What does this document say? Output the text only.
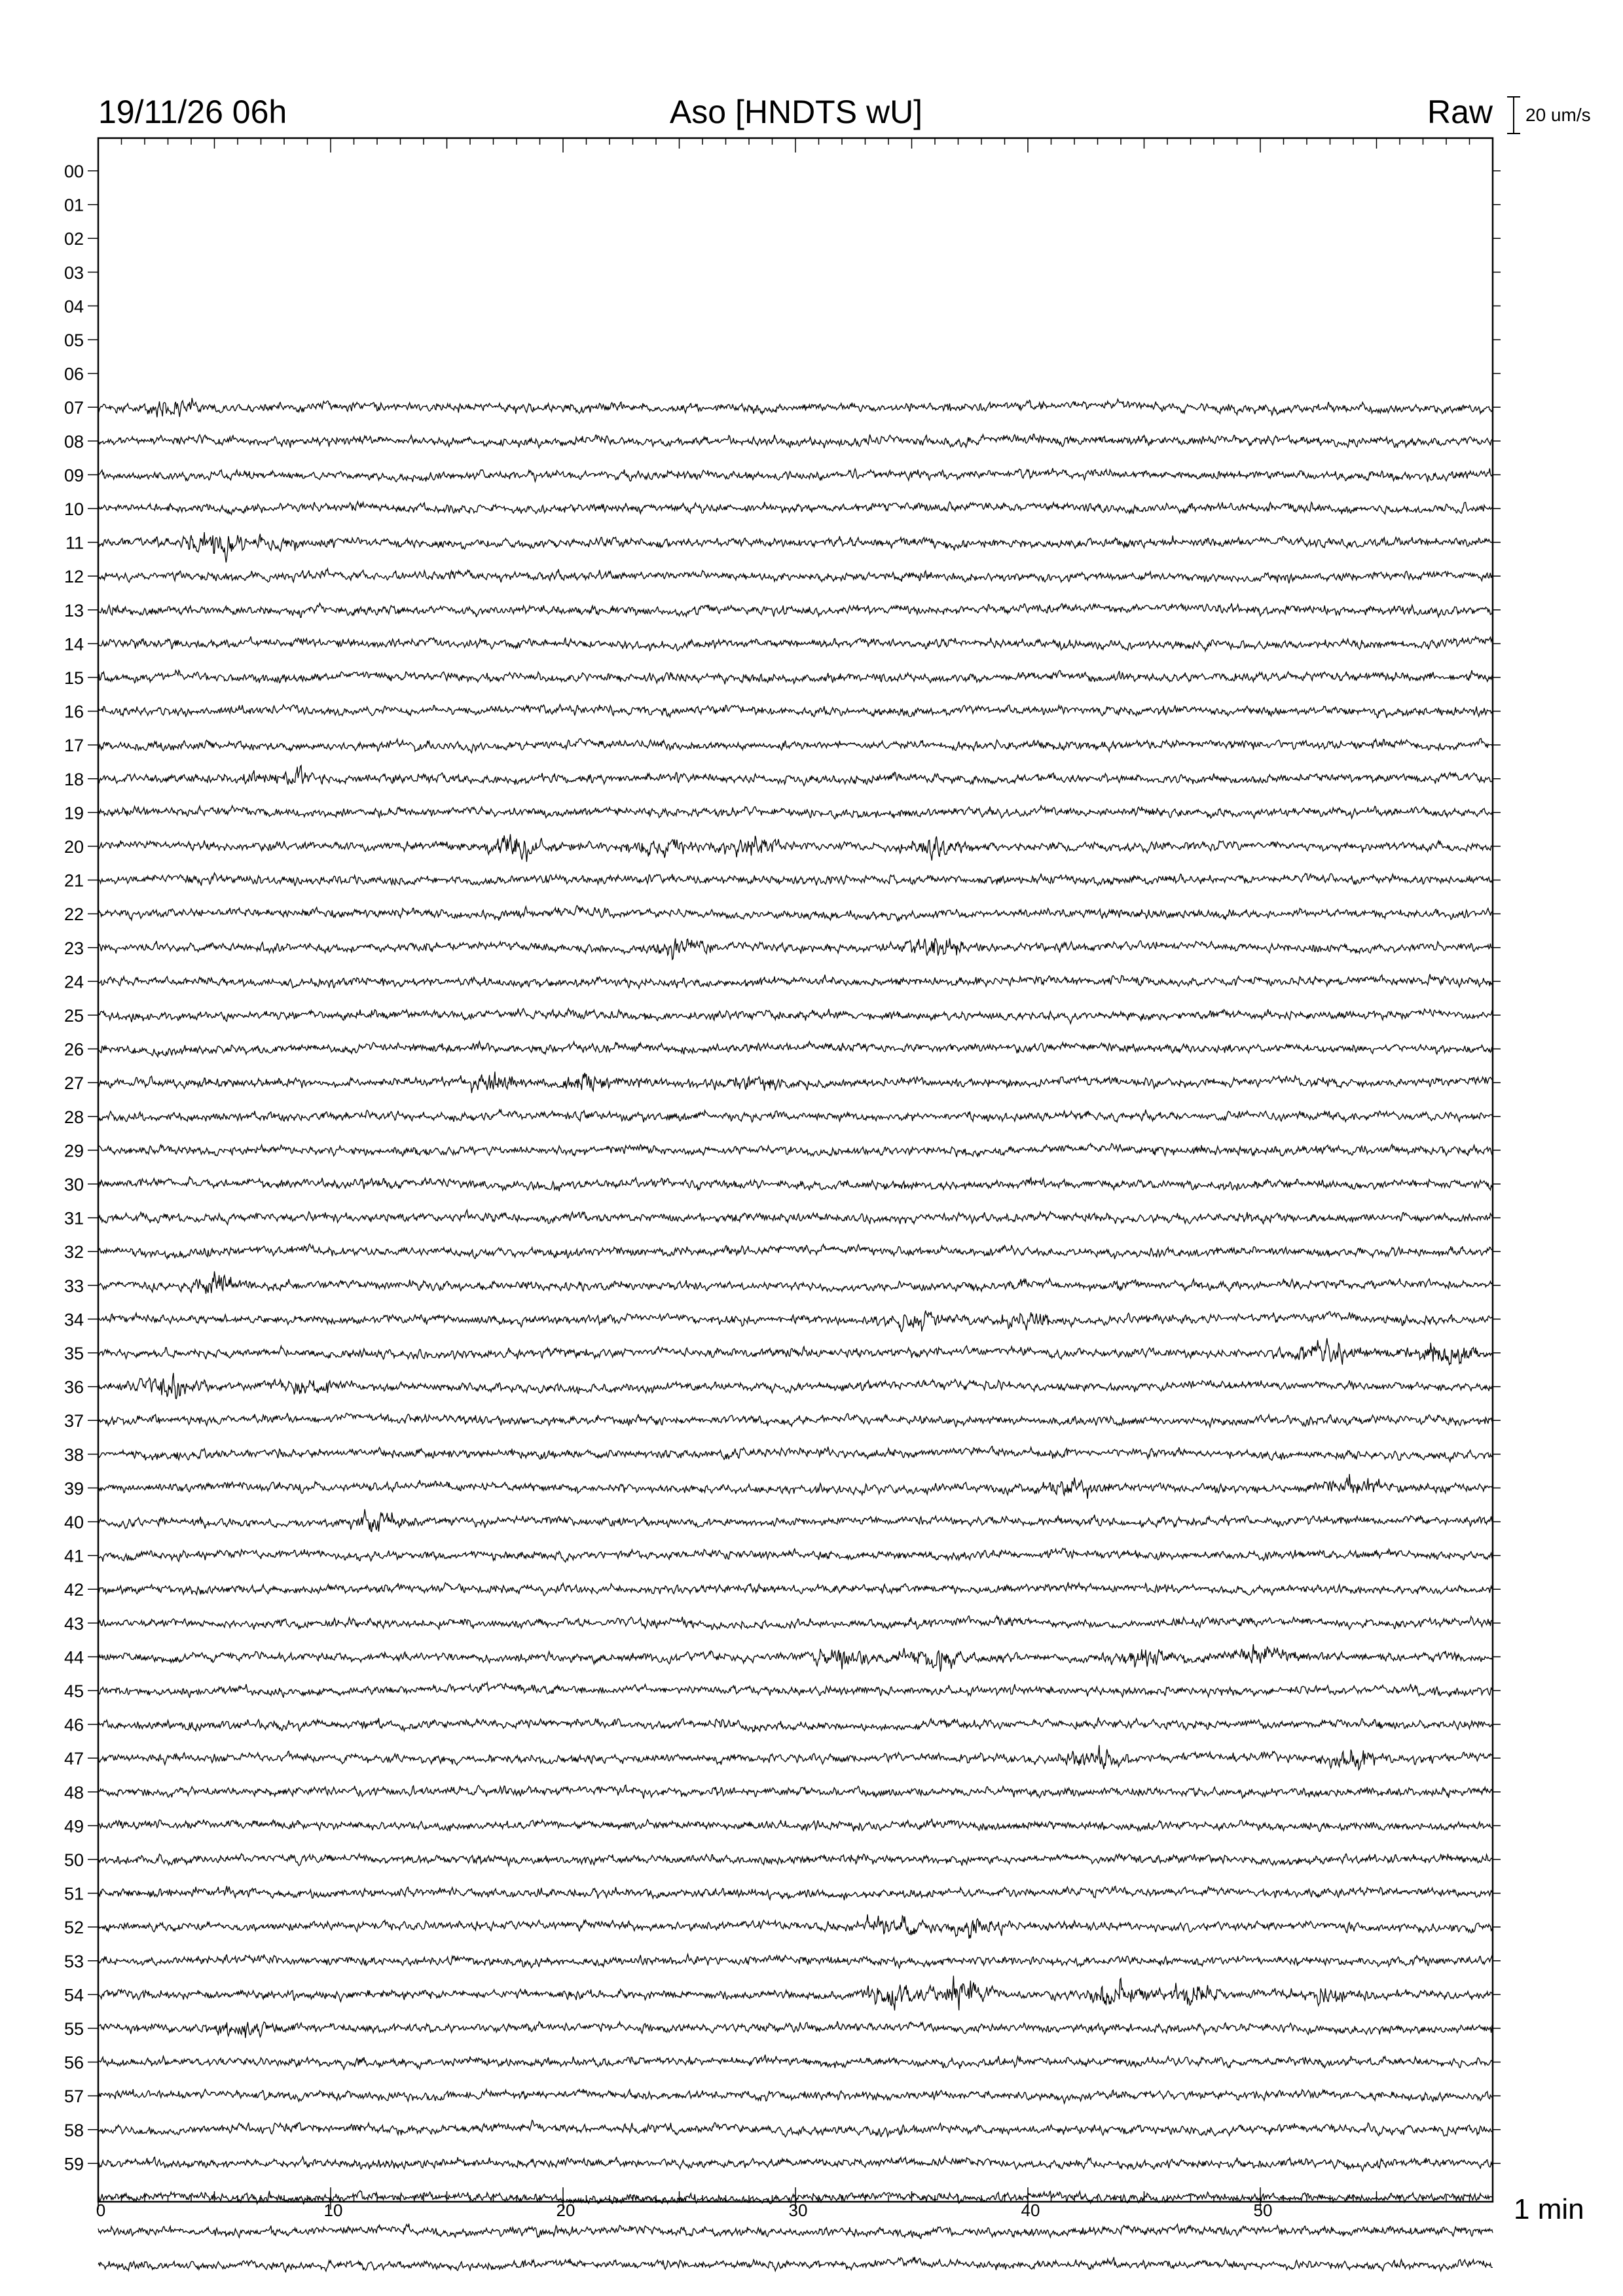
19/11/26 06h	Aso [HNDTS wU]	Raw 20 um/s
00
01
02
03
04
05
06
07
08
09
10
11
12
13
14
15
16
17
18
19
20
21
22
23
24
25
26
27
28
29
30
31
32
33
34
35
36
37
38
39
40
41
42
43
44
45
46
47
48
49
50
51
52
53
54
55
56
57
58
59
0	10	20	30	40	50	1 min
